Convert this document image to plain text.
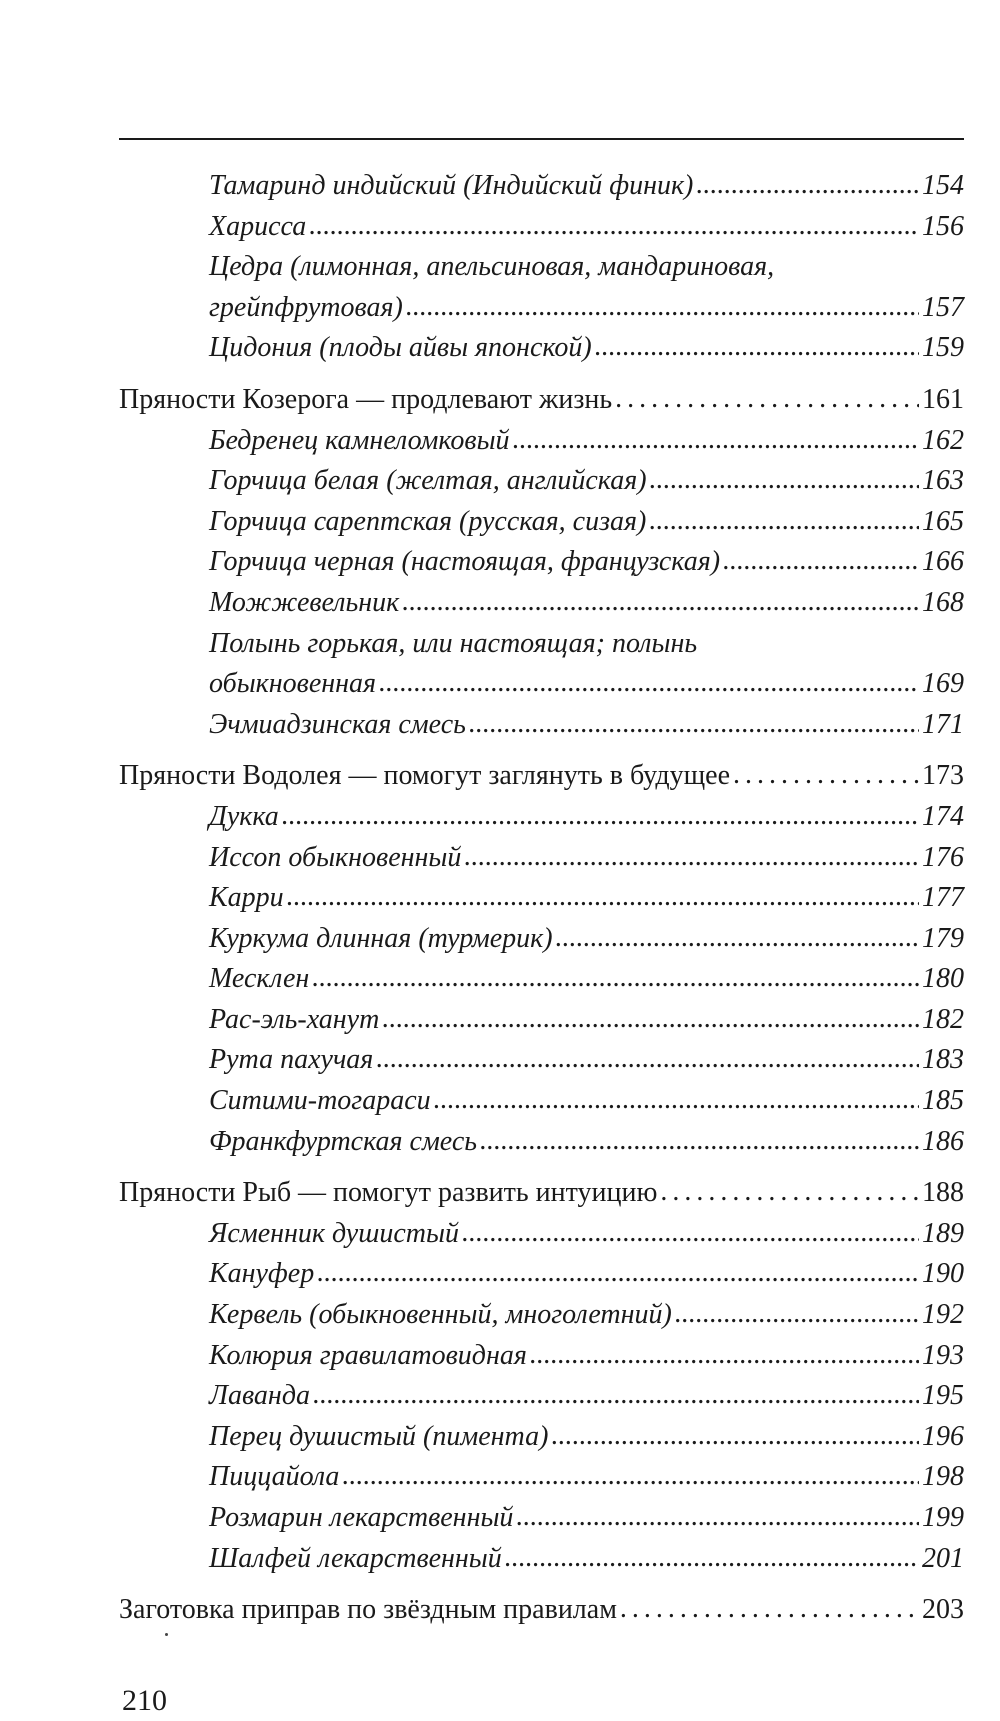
Тамаринд индийский (Индийский финик) .....	154
Харисса .....	156
Цедра (лимонная, апельсиновая, мандариновая,
грейпфрутовая) .....	157
Цидония (плоды айвы японской) .....	159
Пряности Козерога — продлевают жизнь .....	161
Бедренец камнеломковый .....	162
Горчица белая (желтая, английская) .....	163
Горчица сарептская (русская, сизая) .....	165
Горчица черная (настоящая, французская) .....	166
Можжевельник .....	168
Полынь горькая, или настоящая; полынь
обыкновенная .....	169
Эчмиадзинская смесь .....	171
Пряности Водолея — помогут заглянуть в будущее .....	173
Дукка .....	174
Иссоп обыкновенный .....	176
Карри .....	177
Куркума длинная (турмерик) .....	179
Месклен .....	180
Рас-эль-ханут .....	182
Рута пахучая .....	183
Ситими-тогараси .....	185
Франкфуртская смесь .....	186
Пряности Рыб — помогут развить интуицию .....	188
Ясменник душистый .....	189
Кануфер .....	190
Кервель (обыкновенный, многолетний) .....	192
Колюрия гравилатовидная .....	193
Лаванда .....	195
Перец душистый (пимента) .....	196
Пиццайола .....	198
Розмарин лекарственный .....	199
Шалфей лекарственный .....	201
Заготовка приправ по звёздным правилам .....	203
210
